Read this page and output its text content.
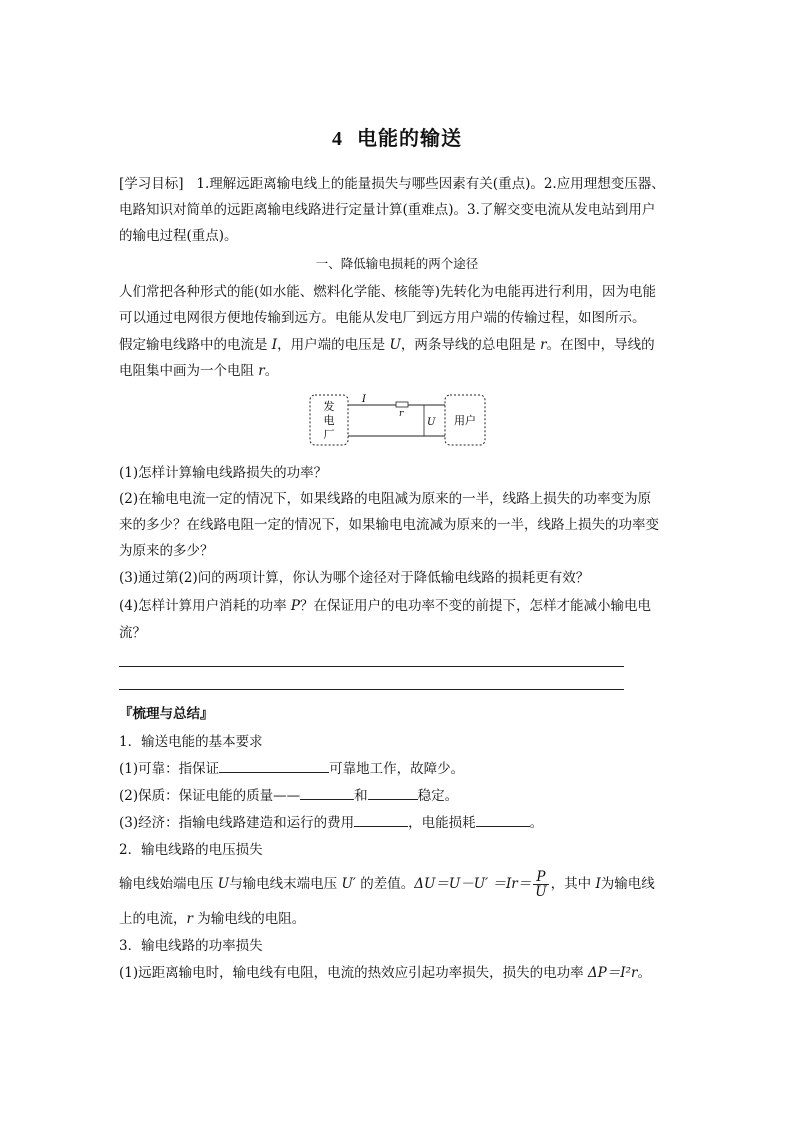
4 电能的输送

[学习目标] 1.理解远距离输电线上的能量损失与哪些因素有关(重点)。2.应用理想变压器、

电路知识对简单的远距离输电线路进行定量计算(重难点)。3.了解交变电流从发电站到用户

的输电过程(重点)。

一、降低输电损耗的两个途径

人们常把各种形式的能(如水能、燃料化学能、核能等)先转化为电能再进行利用，因为电能

可以通过电网很方便地传输到远方。电能从发电厂到远方用户端的传输过程，如图所示。

假定输电线路中的电流是 I，用户端的电压是 U，两条导线的总电阻是 r。在图中，导线的

电阻集中画为一个电阻 r。

发
电
厂
用户
I
r
U

(1)怎样计算输电线路损失的功率？

(2)在输电电流一定的情况下，如果线路的电阻减为原来的一半，线路上损失的功率变为原

来的多少？在线路电阻一定的情况下，如果输电电流减为原来的一半，线路上损失的功率变

为原来的多少？

(3)通过第(2)问的两项计算，你认为哪个途径对于降低输电线路的损耗更有效？

(4)怎样计算用户消耗的功率 P？在保证用户的电功率不变的前提下，怎样才能减小输电电

流？

『梳理与总结』

1．输送电能的基本要求

(1)可靠：指保证	可靠地工作，故障少。

(2)保质：保证电能的质量——	和	稳定。

(3)经济：指输电线路建造和运行的费用	，电能损耗	。

2．输电线路的电压损失

输电线始端电压 U与输电线末端电压 U′ 的差值。$\Delta U=U-U' =Ir= \frac{P}{U}$ ，其中 I为输电线

上的电流，r 为输电线的电阻。

3．输电线路的功率损失

(1)远距离输电时，输电线有电阻，电流的热效应引起功率损失，损失的电功率 ΔP＝I²r。
